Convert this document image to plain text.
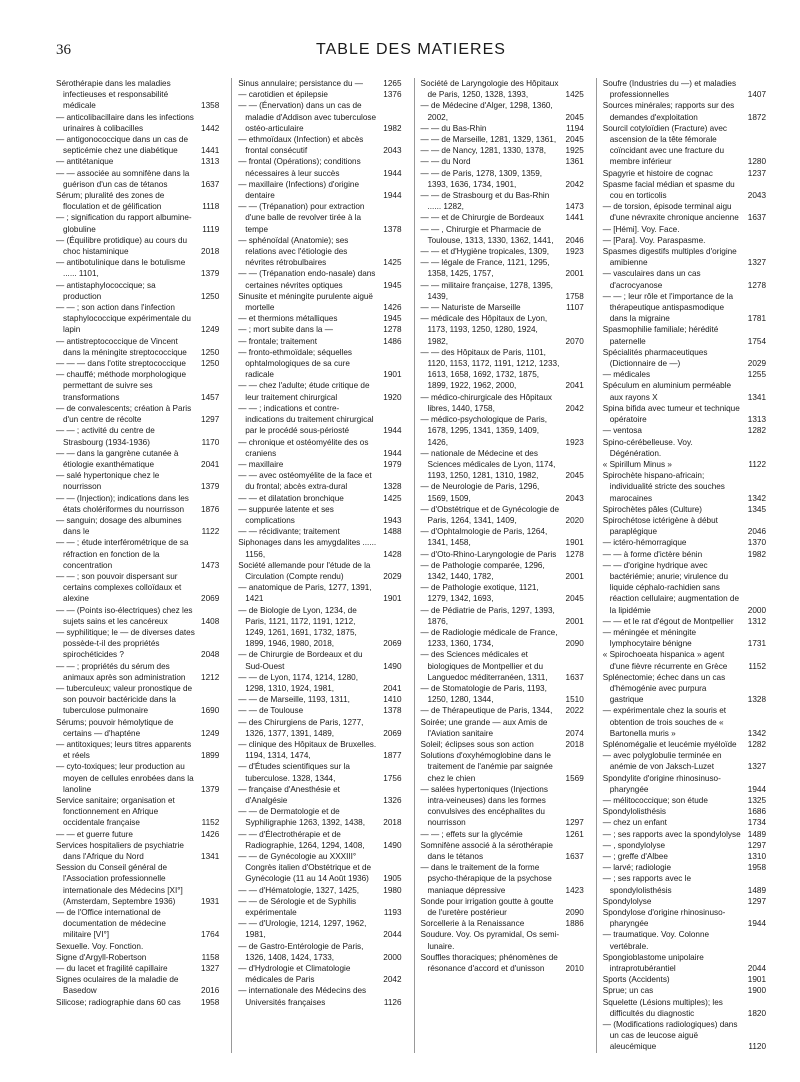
36	TABLE DES MATIERES

Sérothérapie dans les maladies infectieuses et responsabilité médicale	1358

— anticolibacillaire dans les infections urinaires à colibacilles	1442

— antigonococcique dans un cas de septicémie chez une diabétique	1441

— antitétanique	1313

— — associée au somnifène dans la guérison d'un cas de tétanos	1637

Sérum; pluralité des zones de floculation et de gélification	1118

— ; signification du rapport albumine-globuline	1119

— (Équilibre protidique) au cours du choc histaminique	2018

— antibotulinique dans le botulisme ...... 1101,	1379

— antistaphylococcique; sa production	1250

— — ; son action dans l'infection staphylococcique expérimentale du lapin	1249

— antistreptococcique de Vincent dans la méningite streptococcique 1250

— — — dans l'otite streptococcique 1250

— chauffé; méthode morphologique permettant de suivre ses transformations	1457

— de convalescents; création à Paris d'un centre de récolte	1297

— — ; activité du centre de Strasbourg (1934-1936)	1170

— — dans la gangrène cutanée à étiologie exanthématique	2041

— salé hypertonique chez le nourrisson	1379

— — (Injection); indications dans les états cholériformes du nourrisson 1876

— sanguin; dosage des albumines dans le	1122

— — ; étude interférométrique de sa réfraction en fonction de la concentration	1473

— — ; son pouvoir dispersant sur certains complexes colloïdaux et alexine	2069

— — (Points iso-électriques) chez les sujets sains et les cancéreux	1408

— syphilitique; le — de diverses dates possède-t-il des propriétés spirochéticides ?	2048

— — ; propriétés du sérum des animaux après son administration 1212

— tuberculeux; valeur pronostique de son pouvoir bactéricide dans la tuberculose pulmonaire	1690

Sérums; pouvoir hémolytique de certains — d'hapténe	1249

— antitoxiques; leurs titres apparents et réels	1899

— cyto-toxiques; leur production au moyen de cellules enrobées dans la lanoline	1379

Service sanitaire; organisation et fonctionnement en Afrique occidentale française	1152

— — et guerre future	1426

Services hospitaliers de psychiatrie dans l'Afrique du Nord	1341

Session du Conseil général de l'Association professionnelle internationale des Médecins [XI°] (Amsterdam, Septembre 1936)	1931

— de l'Office international de documentation de médecine militaire [VI°]	1764

Sexuelle. Voy. Fonction.

Signe d'Argyll-Robertson	1158

— du lacet et fragilité capillaire	1327

Signes oculaires de la maladie de Basedow	2016

Silicose; radiographie dans 60 cas 1958

Sinus annulaire; persistance du — 1265

— carotidien et épilepsie	1376

— — (Énervation) dans un cas de maladie d'Addison avec tuberculose ostéo-articulaire	1982

— ethmoïdaux (Infection) et abcès frontal consécutif	2043

— frontal (Opérations); conditions nécessaires à leur succès	1944

— maxillaire (Infections) d'origine dentaire	1944

— — (Trépanation) pour extraction d'une balle de revolver tirée à la tempe	1378

— sphénoïdal (Anatomie); ses relations avec l'étiologie des névrites rétrobulbaires	1425

— — (Trépanation endo-nasale) dans certaines névrites optiques	1945

Sinusite et méningite purulente aiguë mortelle	1426

— et thermions métalliques	1945

— ; mort subite dans la —	1278

— frontale; traitement	1486

— fronto-ethmoïdale; séquelles ophtalmologiques de sa cure radicale	1901

— — chez l'adulte; étude critique de leur traitement chirurgical	1920

— — ; indications et contre-indications du traitement chirurgical par le procédé sous-périosté	1944

— chronique et ostéomyélite des os craniens	1944

— maxillaire	1979

— — avec ostéomyélite de la face et du frontal; abcès extra-dural	1328

— — et dilatation bronchique	1425

— suppurée latente et ses complications	1943

— — récidivante; traitement	1488

Siphonages dans les amygdalites ...... 1156,	1428

Société allemande pour l'étude de la Circulation (Compte rendu)	2029

— anatomique de Paris, 1277, 1391, 1421	1901

— de Biologie de Lyon, 1234, de Paris, 1121, 1172, 1191, 1212, 1249, 1261, 1691, 1732, 1875, 1899, 1946, 1980, 2018,	2069

— de Chirurgie de Bordeaux et du Sud-Ouest	1490

— — de Lyon, 1174, 1214, 1280, 1298, 1310, 1924, 1981,	2041

— — de Marseille, 1193, 1311,	1410

— — de Toulouse	1378

— des Chirurgiens de Paris, 1277, 1326, 1377, 1391, 1489,	2069

— clinique des Hôpitaux de Bruxelles. 1194, 1314, 1474,	1877

— d'Études scientifiques sur la tuberculose. 1328, 1344,	1756

— française d'Anesthésie et d'Analgésie	1326

— — de Dermatologie et de Syphiligraphie 1263, 1392, 1438, 2018

— — d'Électrothérapie et de Radiographie, 1264, 1294, 1408, 1490

— — de Gynécologie au XXXIII° Congrès italien d'Obstétrique et de Gynécologie (11 au 14 Août 1936) 1905

— — d'Hématologie, 1327, 1425,	1980

— — de Sérologie et de Syphilis expérimentale	1193

— — d'Urologie, 1214, 1297, 1962, 1981,	2044

— de Gastro-Entérologie de Paris, 1326, 1408, 1424, 1733,	2000

— d'Hydrologie et Climatologie médicales de Paris	2042

— internationale des Médecins des Universités françaises	1126

Société de Laryngologie des Hôpitaux de Paris, 1250, 1328, 1393,	1425

— de Médecine d'Alger, 1298, 1360, 2002,	2045

— — du Bas-Rhin	1194

— — de Marseille, 1281, 1329, 1361, 2045

— — de Nancy, 1281, 1330, 1378, 1925

— — du Nord	1361

— — de Paris, 1278, 1309, 1359, 1393, 1636, 1734, 1901,	2042

— — de Strasbourg et du Bas-Rhin ...... 1282,	1473

— — et de Chirurgie de Bordeaux	1441

— — , Chirurgie et Pharmacie de Toulouse, 1313, 1330, 1362, 1441, 2046

— — et d'Hygiène tropicales, 1309, 1923

— — légale de France, 1121, 1295, 1358, 1425, 1757,	2001

— — militaire française, 1278, 1395, 1439,	1758

— — Naturiste de Marseille	1107

— médicale des Hôpitaux de Lyon, 1173, 1193, 1250, 1280, 1924, 1982,	2070

— — des Hôpitaux de Paris, 1101, 1120, 1153, 1172, 1191, 1212, 1233, 1613, 1658, 1692, 1732, 1875, 1899, 1922, 1962, 2000,	2041

— médico-chirurgicale des Hôpitaux libres, 1440, 1758,	2042

— médico-psychologique de Paris, 1678, 1295, 1341, 1359, 1409, 1426,	1923

— nationale de Médecine et des Sciences médicales de Lyon, 1174, 1193, 1250, 1281, 1310, 1982,	2045

— de Neurologie de Paris, 1296, 1569, 1509,	2043

— d'Obstétrique et de Gynécologie de Paris, 1264, 1341, 1409,	2020

— d'Ophtalmologie de Paris, 1264, 1341, 1458,	1901

— d'Oto-Rhino-Laryngologie de Paris 1278

— de Pathologie comparée, 1296, 1342, 1440, 1782,	2001

— de Pathologie exotique, 1121, 1279, 1342, 1693,	2045

— de Pédiatrie de Paris, 1297, 1393, 1876,	2001

— de Radiologie médicale de France, 1233, 1360, 1734,	2090

— des Sciences médicales et biologiques de Montpellier et du Languedoc méditerranéen, 1311, 1637

— de Stomatologie de Paris, 1193, 1250, 1280, 1344,	1510

— de Thérapeutique de Paris, 1344, 2022

Soirée; une grande — aux Amis de l'Aviation sanitaire	2074

Soleil; éclipses sous son action	2018

Solutions d'oxyhémoglobine dans le traitement de l'anémie par saignée chez le chien	1569

— salées hypertoniques (Injections intra-veineuses) dans les formes convulsives des encéphalites du nourrisson	1297

— — ; effets sur la glycémie	1261

Somnifène associé à la sérothérapie dans le tétanos	1637

— dans le traitement de la forme psycho-thérapique de la psychose maniaque dépressive	1423

Sonde pour irrigation goutte à goutte de l'uretère postérieur	2090

Sorcellerie à la Renaissance	1886

Soudure. Voy. Os pyramidal, Os semi-lunaire.

Souffles thoraciques; phénomènes de résonance d'accord et d'unisson	2010

Soufre (Industries du —) et maladies professionnelles	1407

Sources minérales; rapports sur des demandes d'exploitation	1872

Sourcil cotyloïdien (Fracture) avec ascension de la tête fémorale coïncidant avec une fracture du membre inférieur	1280

Spagyrie et histoire de cognac	1237

Spasme facial médian et spasme du cou en torticolis	2043

— de torsion, épisode terminal aigu d'une névraxite chronique ancienne 1637

— [Hémi]. Voy. Face.

— [Para]. Voy. Paraspasme.

Spasmes digestifs multiples d'origine amibienne	1327

— vasculaires dans un cas d'acrocyanose	1278

— — ; leur rôle et l'importance de la thérapeutique antispasmodique dans la migraine	1781

Spasmophilie familiale; hérédité paternelle	1754

Spécialités pharmaceutiques (Dictionnaire de —)	2029

— médicales	1255

Spéculum en aluminium perméable aux rayons X	1341

Spina bifida avec tumeur et technique opératoire	1313

— ventosa	1282

Spino-cérébelleuse. Voy. Dégénération.

« Spirillum Minus »	1122

Spirochète hispano-africain; individualité stricte des souches marocaines	1342

Spirochètes pâles (Culture)	1345

Spirochétose ictérigène à début paraplégique	2046

— ictéro-hémorragique	1370

— — à forme d'ictère bénin	1982

— — d'origine hydrique avec bactériémie; anurie; virulence du liquide céphalo-rachidien sans réaction cellulaire; augmentation de la lipidémie	2000

— — et le rat d'égout de Montpellier 1312

— méningée et méningite lymphocytaire bénigne	1731

« Spirochoeata hispanica » agent d'une fièvre récurrente en Grèce	1152

Splénectomie; échec dans un cas d'hémogénie avec purpura gastrique	1328

— expérimentale chez la souris et obtention de trois souches de « Bartonella muris »	1342

Splénomégalie et leucémie myéloïde 1282

— avec polyglobulie terminée en anémie de von Jaksch-Luzet	1327

Spondylite d'origine rhinosinuso-pharyngée	1944

— mélitococcique; son étude	1325

Spondylolisthésis	1686

— chez un enfant	1734

— ; ses rapports avec la spondylolyse 1489

— , spondylolyse	1297

— ; greffe d'Albee	1310

— larvé; radiologie	1958

— ; ses rapports avec le spondylolisthésis	1489

Spondylolyse	1297

Spondylose d'origine rhinosinuso-pharyngée	1944

— traumatique. Voy. Colonne vertébrale.

Spongioblastome unipolaire intraprotubérantiel	2044

Sports (Accidents)	1901

Sprue; un cas	1900

Squelette (Lésions multiples); les difficultés du diagnostic	1820

— (Modifications radiologiques) dans un cas de leucose aiguë aleucémique	1120
